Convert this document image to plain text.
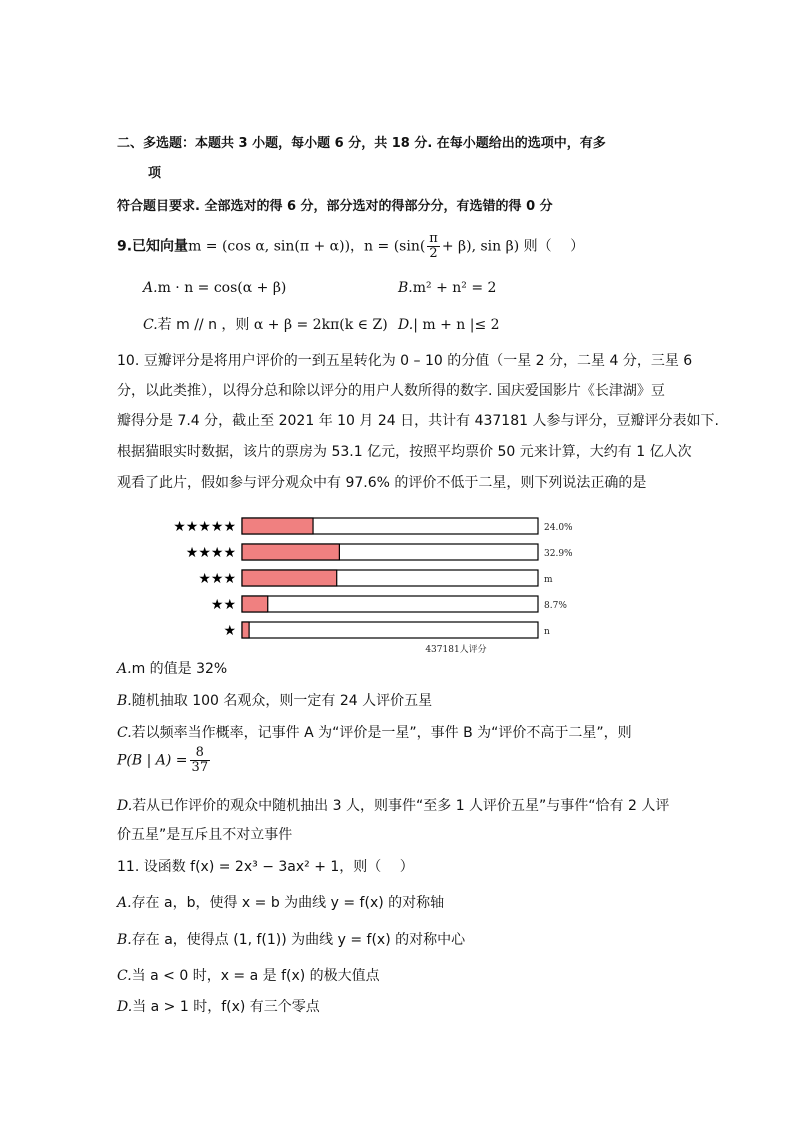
二、多选题：本题共 3 小题，每小题 6 分，共 18 分. 在每小题给出的选项中，有多
项
符合题目要求. 全部选对的得 6 分，部分选对的得部分分，有选错的得 0 分
9.已知向量m = (cos α, sin(π + α))，$n = (\sin( \frac{\pi}{2} + \beta)$, sin β) 则（　 ）
A.m · n = cos(α + β)	B.m² + n² = 2
C.若 m // n ，则 α + β = 2kπ(k ∈ Z) D.| m + n |≤ 2
10. 豆瓣评分是将用户评价的一到五星转化为 0 – 10 的分值（一星 2 分，二星 4 分，三星 6
分，以此类推），以得分总和除以评分的用户人数所得的数字. 国庆爱国影片《长津湖》豆
瓣得分是 7.4 分，截止至 2021 年 10 月 24 日，共计有 437181 人参与评分，豆瓣评分表如下.
根据猫眼实时数据，该片的票房为 53.1 亿元，按照平均票价 50 元来计算，大约有 1 亿人次
观看了此片，假如参与评分观众中有 97.6% 的评价不低于二星，则下列说法正确的是
★★★★★	24.0%
★★★★	32.9%
★★★	m
★★	8.7%
★	n
437181人评分
A.m 的值是 32%
B.随机抽取 100 名观众，则一定有 24 人评价五星
C.若以频率当作概率，记事件 A 为“评价是一星”，事件 B 为“评价不高于二星”，则
P(B | $A) = \frac{8}{37}$
D.若从已作评价的观众中随机抽出 3 人，则事件“至多 1 人评价五星”与事件“恰有 2 人评
价五星”是互斥且不对立事件
11. 设函数 f(x) = 2x³ − 3ax² + 1，则（　 ）
A.存在 a，b，使得 x = b 为曲线 y = f(x) 的对称轴
B.存在 a，使得点 (1, f(1)) 为曲线 y = f(x) 的对称中心
C.当 a < 0 时，x = a 是 f(x) 的极大值点
D.当 a > 1 时，f(x) 有三个零点
